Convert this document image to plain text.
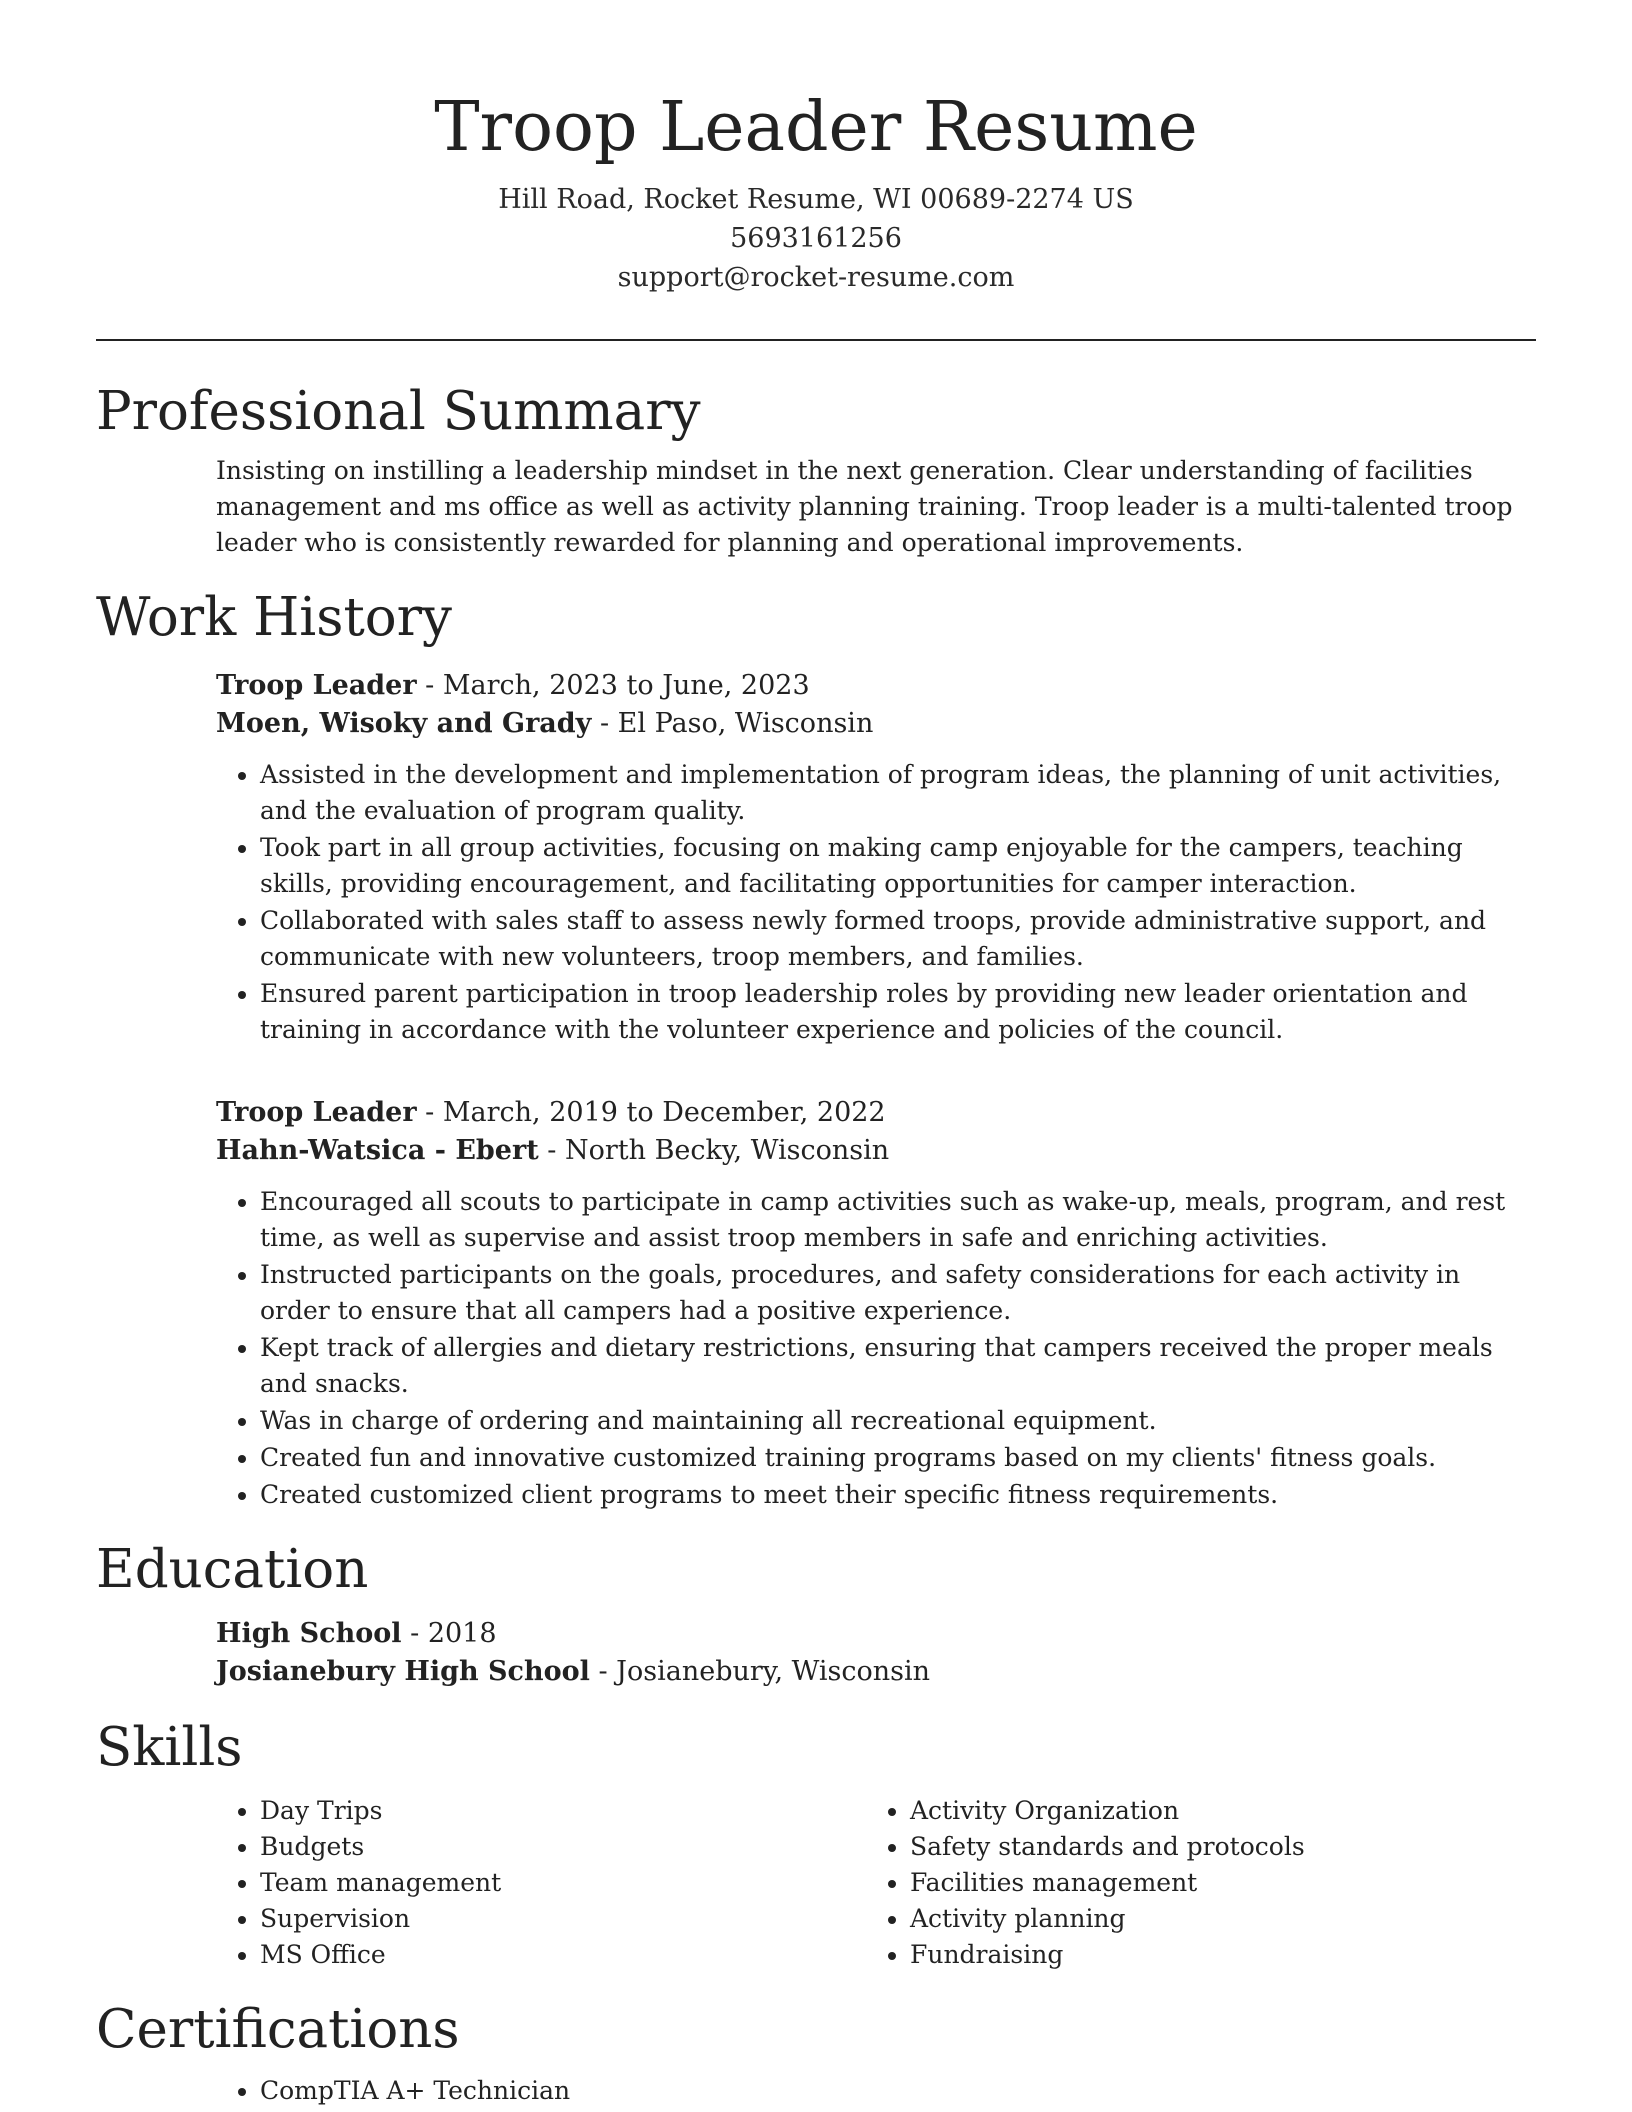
Troop Leader Resume
Hill Road, Rocket Resume, WI 00689-2274 US
5693161256
support@rocket-resume.com
Professional Summary

Insisting on instilling a leadership mindset in the next generation. Clear understanding of facilities management and ms office as well as activity planning training. Troop leader is a multi-talented troop leader who is consistently rewarded for planning and operational improvements.

Work History
Troop Leader - March, 2023 to June, 2023
Moen, Wisoky and Grady - El Paso, Wisconsin
• Assisted in the development and implementation of program ideas, the planning of unit activities, and the evaluation of program quality.
• Took part in all group activities, focusing on making camp enjoyable for the campers, teaching skills, providing encouragement, and facilitating opportunities for camper interaction.
• Collaborated with sales staff to assess newly formed troops, provide administrative support, and communicate with new volunteers, troop members, and families.
• Ensured parent participation in troop leadership roles by providing new leader orientation and training in accordance with the volunteer experience and policies of the council.
Troop Leader - March, 2019 to December, 2022
Hahn-Watsica - Ebert - North Becky, Wisconsin
• Encouraged all scouts to participate in camp activities such as wake-up, meals, program, and rest time, as well as supervise and assist troop members in safe and enriching activities.
• Instructed participants on the goals, procedures, and safety considerations for each activity in order to ensure that all campers had a positive experience.
• Kept track of allergies and dietary restrictions, ensuring that campers received the proper meals and snacks.
• Was in charge of ordering and maintaining all recreational equipment.
• Created fun and innovative customized training programs based on my clients' fitness goals.
• Created customized client programs to meet their specific fitness requirements.
Education
High School - 2018
Josianebury High School - Josianebury, Wisconsin
Skills
• Day Trips
• Budgets
• Team management
• Supervision
• MS Office
• Activity Organization
• Safety standards and protocols
• Facilities management
• Activity planning
• Fundraising
Certifications
• CompTIA A+ Technician
